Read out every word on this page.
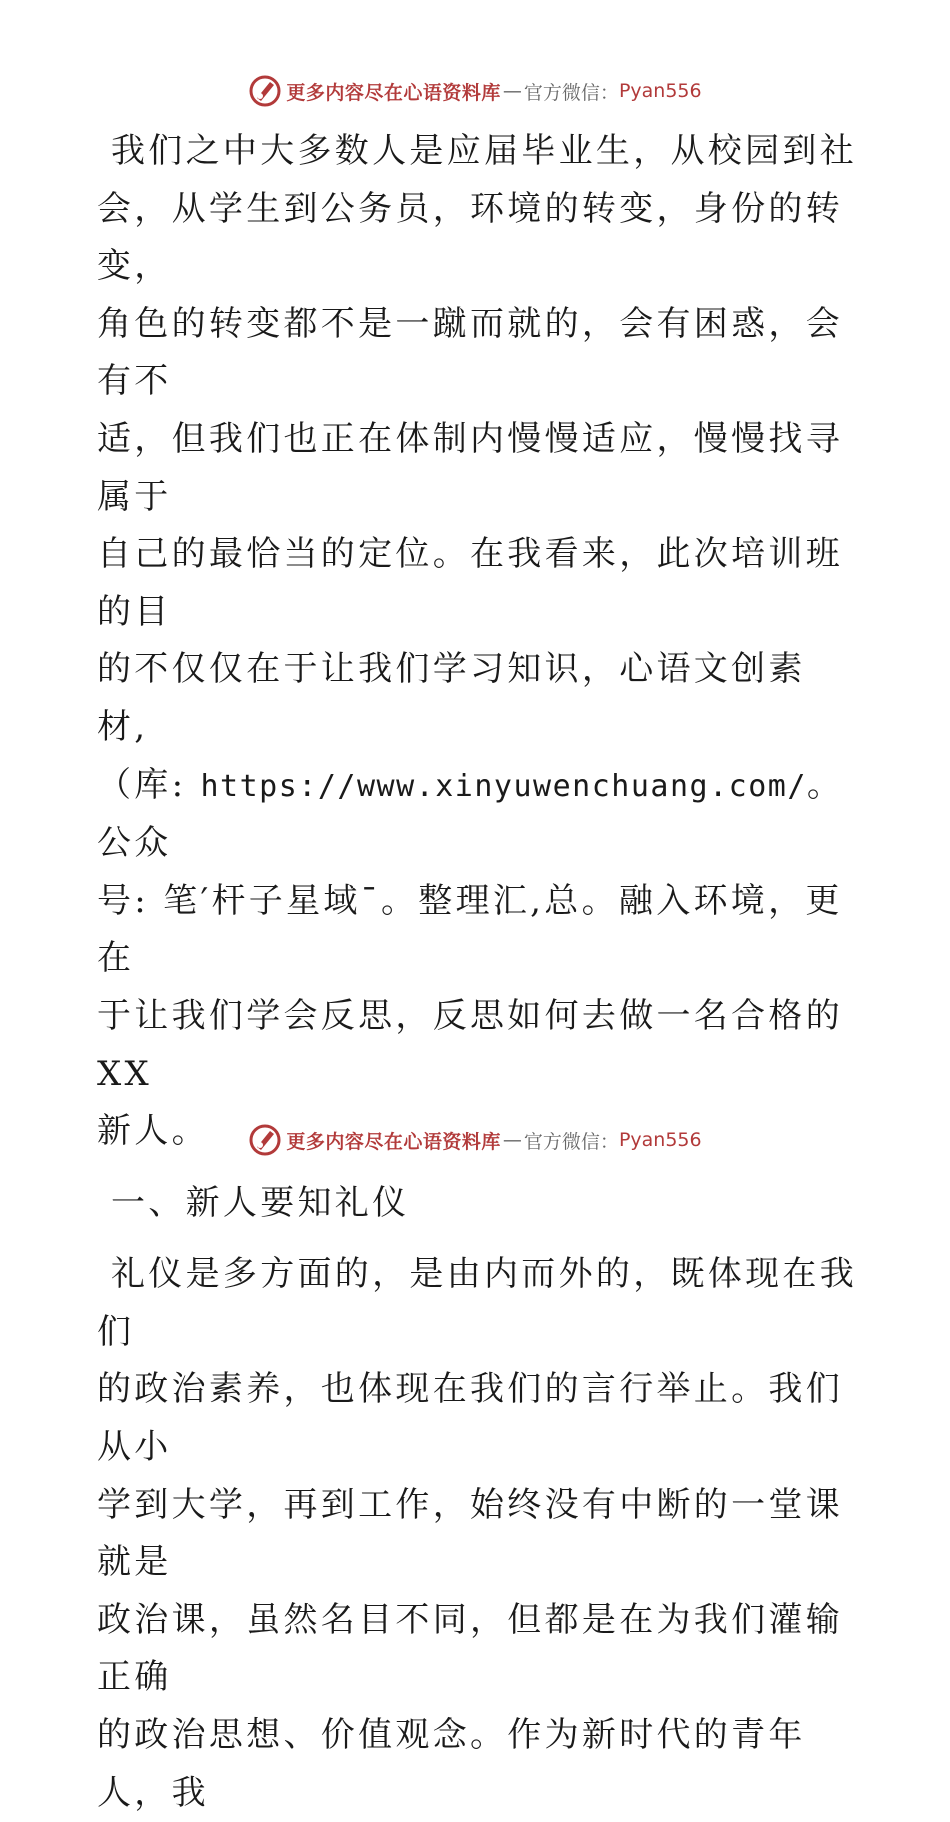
更多内容尽在心语资料库 — 官方微信： Pyan556

我们之中大多数人是应届毕业生，从校园到社

会，从学生到公务员，环境的转变，身份的转变，

角色的转变都不是一蹴而就的，会有困惑，会有不

适，但我们也正在体制内慢慢适应，慢慢找寻属于

自己的最恰当的定位。在我看来，此次培训班的目

的不仅仅在于让我们学习知识，心语文创素材,

（库: https://www.xinyuwenchuang.com/。公众

号: 笔′杆子星域¯。整理汇,总。融入环境，更在

于让我们学会反思，反思如何去做一名合格的XX

新人。

一、新人要知礼仪

礼仪是多方面的，是由内而外的，既体现在我们

的政治素养，也体现在我们的言行举止。我们从小

学到大学，再到工作，始终没有中断的一堂课就是

政治课，虽然名目不同，但都是在为我们灌输正确

的政治思想、价值观念。作为新时代的青年人，我

更多内容尽在心语资料库 — 官方微信： Pyan556
